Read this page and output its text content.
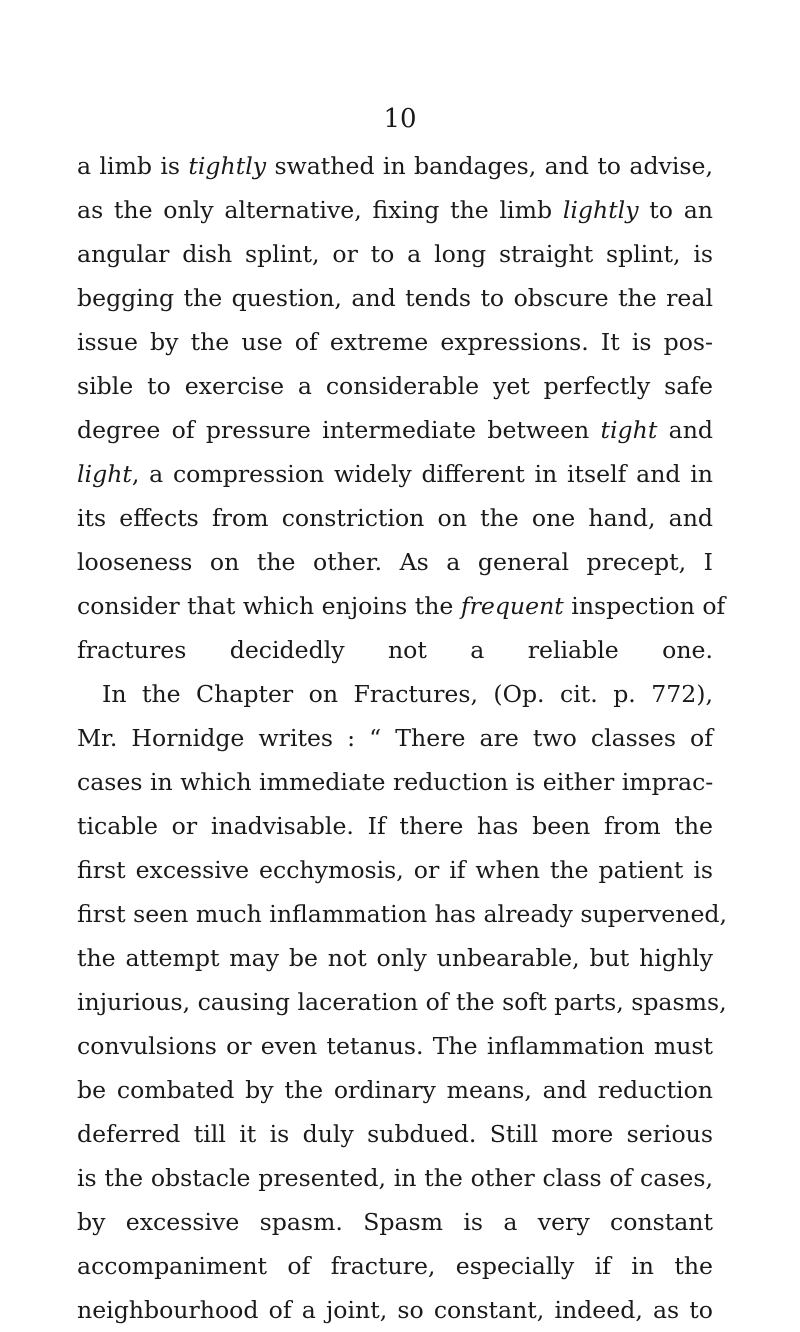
10
a limb is tightly swathed in bandages, and to advise,
as the only alternative, fixing the limb lightly to an
angular dish splint, or to a long straight splint, is
begging the question, and tends to obscure the real
issue by the use of extreme expressions. It is pos-
sible to exercise a considerable yet perfectly safe
degree of pressure intermediate between tight and
light, a compression widely different in itself and in
its effects from constriction on the one hand, and
looseness on the other. As a general precept, I
consider that which enjoins the frequent inspection of
fractures decidedly not a reliable one.
In the Chapter on Fractures, (Op. cit. p. 772),
Mr. Hornidge writes : “ There are two classes of
cases in which immediate reduction is either imprac-
ticable or inadvisable. If there has been from the
first excessive ecchymosis, or if when the patient is
first seen much inflammation has already supervened,
the attempt may be not only unbearable, but highly
injurious, causing laceration of the soft parts, spasms,
convulsions or even tetanus. The inflammation must
be combated by the ordinary means, and reduction
deferred till it is duly subdued. Still more serious
is the obstacle presented, in the other class of cases,
by excessive spasm. Spasm is a very constant
accompaniment of fracture, especially if in the
neighbourhood of a joint, so constant, indeed, as to
